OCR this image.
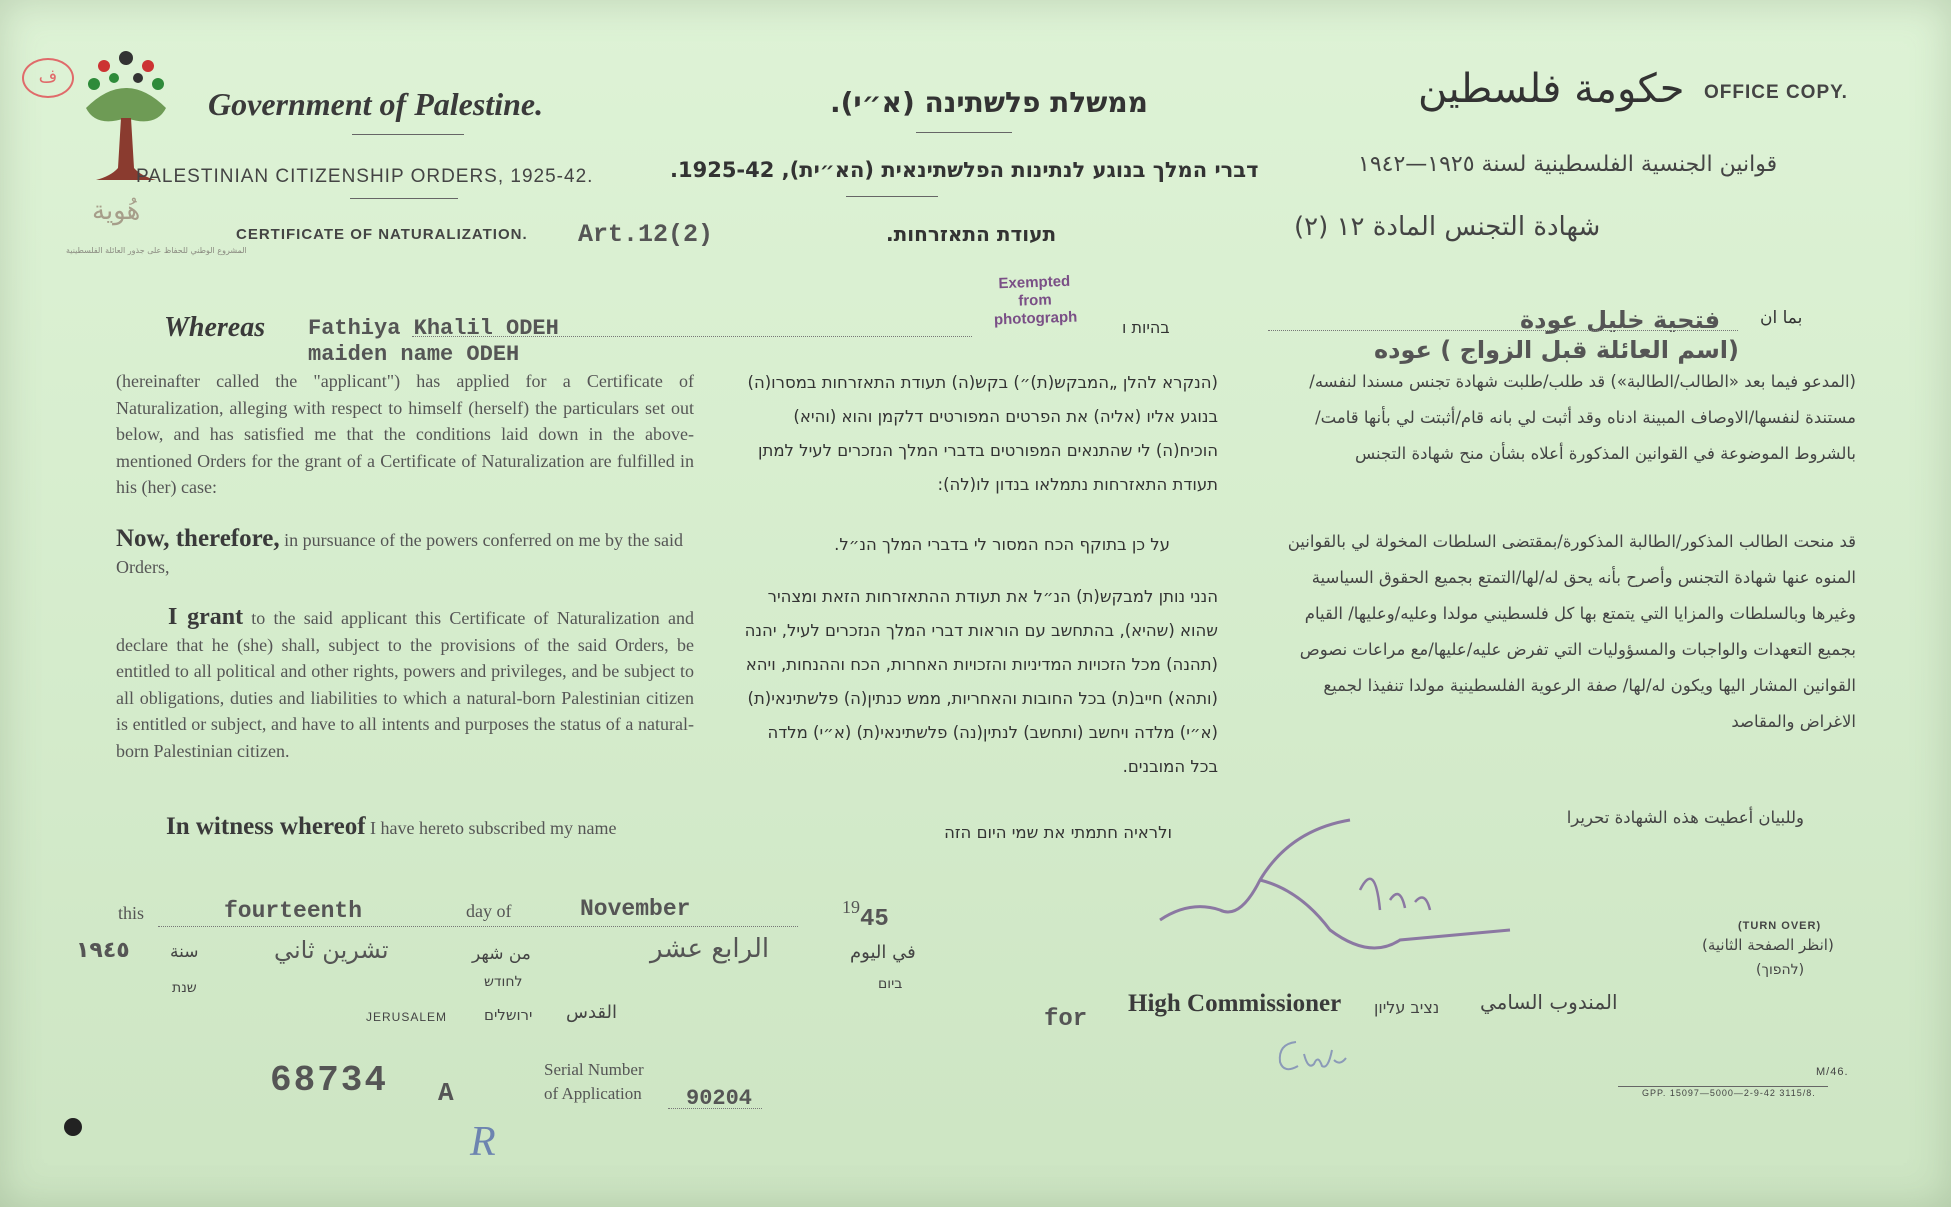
ف
هُوية
المشروع الوطني للحفاظ على جذور العائلة الفلسطينية
Government of Palestine.	ממשלת פלשתינה (א״י).	حكومة فلسطين OFFICE COPY.
PALESTINIAN CITIZENSHIP ORDERS, 1925-42.	דברי המלך בנוגע לנתינות הפלשתינאית (הא״ית), 1925-42.	قوانين الجنسية الفلسطينية لسنة ١٩٢٥—١٩٤٢
CERTIFICATE OF NATURALIZATION. Art.12(2)	תעודת התאזרחות.	شهادة التجنس المادة ١٢ (٢)
Whereas Fathiya Khalil ODEH
maiden name ODEH
בהיות ו
Exempted
from
photograph	بما ان
فتحية خليل عودة
(اسم العائلة قبل الزواج ) عوده
(hereinafter called the "applicant") has applied for a Certificate of Naturalization, alleging with respect to himself (herself) the particulars set out below, and has satisfied me that the conditions laid down in the above-mentioned Orders for the grant of a Certificate of Naturalization are fulfilled in his (her) case:
Now, therefore, in pursuance of the powers conferred on me by the said Orders,
I grant to the said applicant this Certificate of Naturalization and declare that he (she) shall, subject to the provisions of the said Orders, be entitled to all political and other rights, powers and privileges, and be subject to all obligations, duties and liabilities to which a natural-born Palestinian citizen is entitled or subject, and have to all intents and purposes the status of a natural-born Palestinian citizen.
In witness whereof I have hereto subscribed my name
(הנקרא להלן „המבקש(ת)״) בקש(ה) תעודת התאזרחות במסרו(ה) בנוגע אליו (אליה) את הפרטים המפורטים דלקמן והוא (והיא) הוכיח(ה) לי שהתנאים המפורטים בדברי המלך הנזכרים לעיל למתן תעודת התאזרחות נתמלאו בנדון לו(לה):
על כן בתוקף הכח המסור לי בדברי המלך הנ״ל.
הנני נותן למבקש(ת) הנ״ל את תעודת ההתאזרחות הזאת ומצהיר שהוא (שהיא), בהתחשב עם הוראות דברי המלך הנזכרים לעיל, יהנה (תהנה) מכל הזכויות המדיניות והזכויות האחרות, הכח וההנחות, ויהא (ותהא) חייב(ת) בכל החובות והאחריות, ממש כנתין(ה) פלשתינאי(ת) (א״י) מלדה ויחשב (ותחשב) לנתין(נה) פלשתינאי(ת) (א״י) מלדה בכל המובנים.
ולראיה חתמתי את שמי היום הזה
(المدعو فيما بعد «الطالب/الطالبة») قد طلب/طلبت شهادة تجنس مسندا لنفسه/مستندة لنفسها/الاوصاف المبينة ادناه وقد أثبت لي بانه قام/أثبتت لي بأنها قامت/بالشروط الموضوعة في القوانين المذكورة أعلاه بشأن منح شهادة التجنس
قد منحت الطالب المذكور/الطالبة المذكورة/بمقتضى السلطات المخولة لي بالقوانين المنوه عنها شهادة التجنس وأصرح بأنه يحق له/لها/التمتع بجميع الحقوق السياسية وغيرها وبالسلطات والمزايا التي يتمتع بها كل فلسطيني مولدا وعليه/وعليها/ القيام بجميع التعهدات والواجبات والمسؤوليات التي تفرض عليه/عليها/مع مراعات نصوص القوانين المشار اليها ويكون له/لها/ صفة الرعوية الفلسطينية مولدا تنفيذا لجميع الاغراض والمقاصد
وللبيان أعطيت هذه الشهادة تحريرا
this	fourteenth	day of	November	19 45
١٩٤٥ سنة
שנת
تشرين ثاني	من شهر
לחודש
الرابع عشر	في اليوم
ביום
JERUSALEM ירושלים القدس	for
High Commissioner נציב עליון المندوب السامي
(TURN OVER)
(انظر الصفحة الثانية)
(להפוך)
68734 A
Serial Number
of Application 90204
R
M/46.
GPP. 15097—5000—2-9-42 3115/8.
